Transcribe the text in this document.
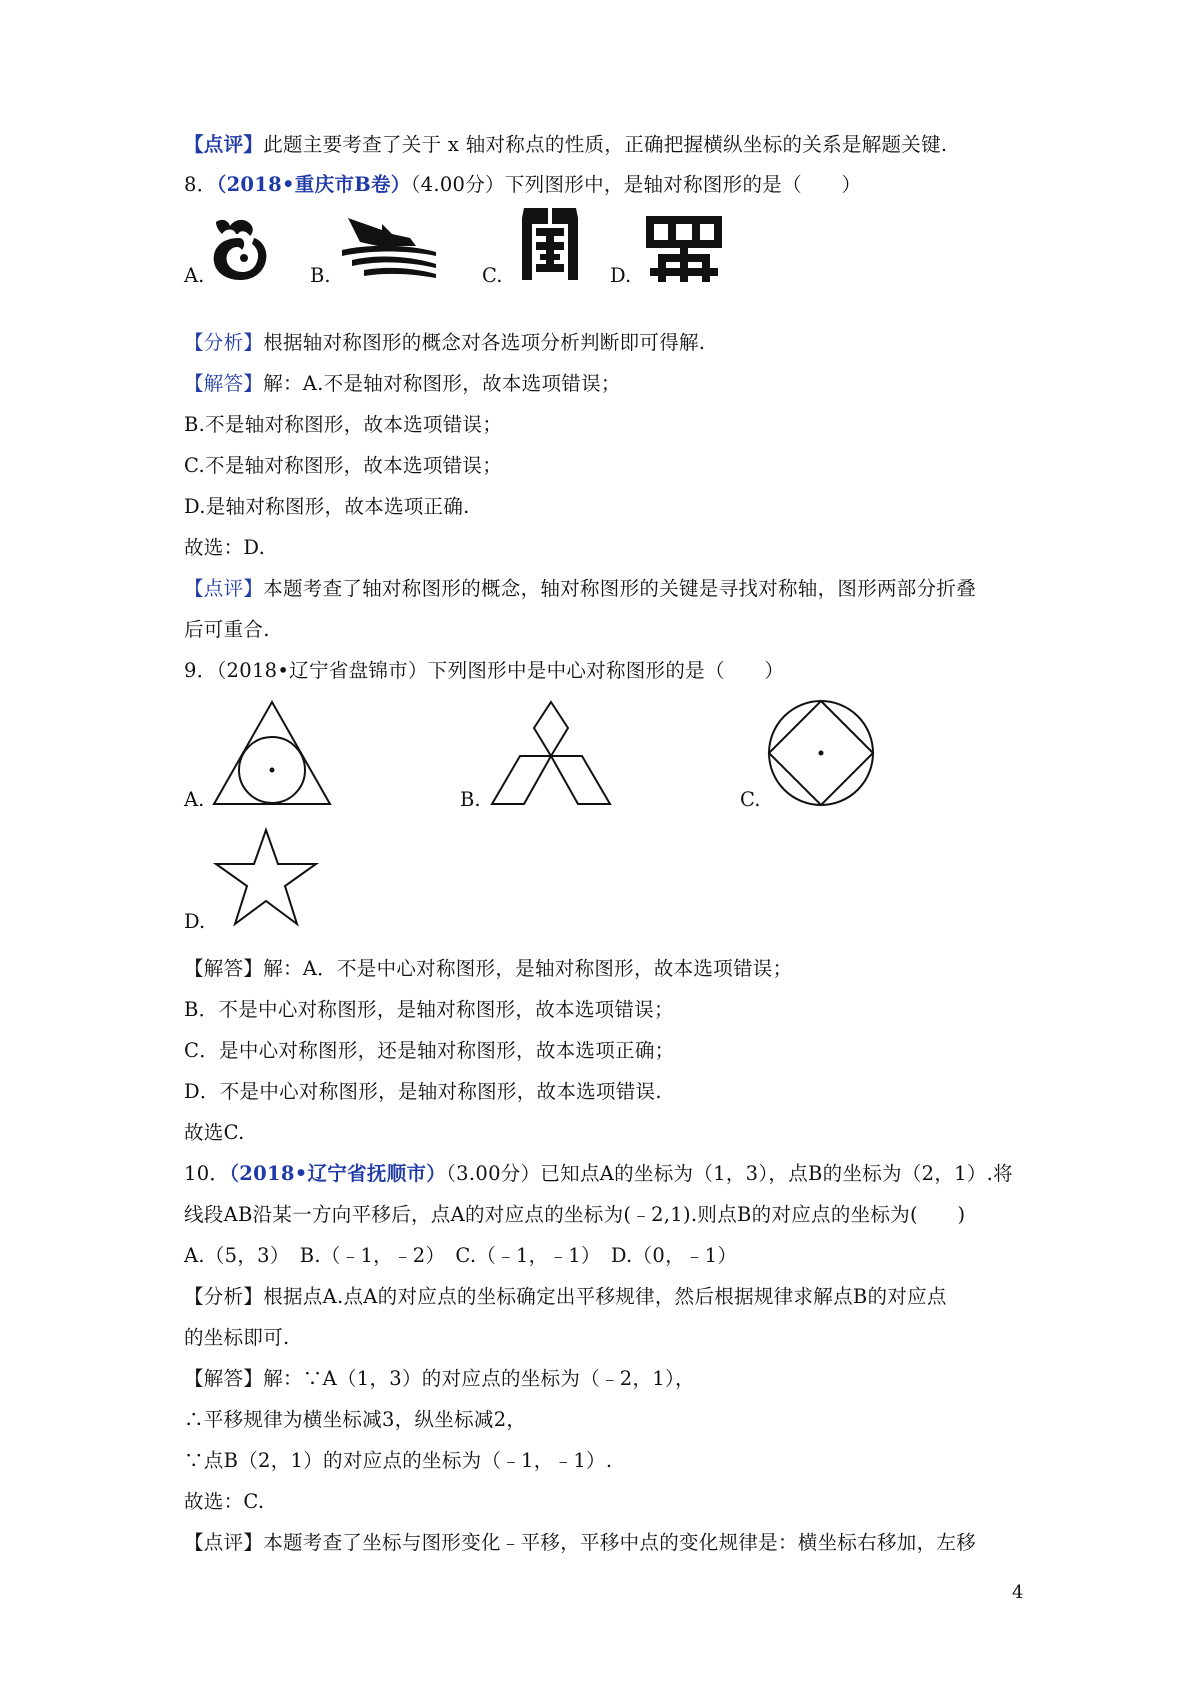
【点评】此题主要考查了关于 x 轴对称点的性质，正确把握横纵坐标的关系是解题关键.
8．（2018•重庆市B卷）（4.00分）下列图形中，是轴对称图形的是（　　）
A.	B.	C.	D.
【分析】根据轴对称图形的概念对各选项分析判断即可得解.
【解答】解：A.不是轴对称图形，故本选项错误；
B.不是轴对称图形，故本选项错误；
C.不是轴对称图形，故本选项错误；
D.是轴对称图形，故本选项正确.
故选：D.
【点评】本题考查了轴对称图形的概念，轴对称图形的关键是寻找对称轴，图形两部分折叠
后可重合.
9．（2018•辽宁省盘锦市）下列图形中是中心对称图形的是（　　）
A.	B.	C.
D.
【解答】解：A．不是中心对称图形，是轴对称图形，故本选项错误；
B．不是中心对称图形，是轴对称图形，故本选项错误；
C．是中心对称图形，还是轴对称图形，故本选项正确；
D．不是中心对称图形，是轴对称图形，故本选项错误.
故选C.
10．（2018•辽宁省抚顺市）（3.00分）已知点A的坐标为（1，3），点B的坐标为（2，1）.将
线段AB沿某一方向平移后，点A的对应点的坐标为(﹣2,1).则点B的对应点的坐标为(　　)
A.（5，3）　B.（﹣1，﹣2）　C.（﹣1，﹣1）　D.（0，﹣1）
【分析】根据点A.点A的对应点的坐标确定出平移规律，然后根据规律求解点B的对应点
的坐标即可.
【解答】解：∵A（1，3）的对应点的坐标为（﹣2，1），
∴平移规律为横坐标减3，纵坐标减2，
∵点B（2，1）的对应点的坐标为（﹣1，﹣1）.
故选：C.
【点评】本题考查了坐标与图形变化﹣平移，平移中点的变化规律是：横坐标右移加，左移
4
